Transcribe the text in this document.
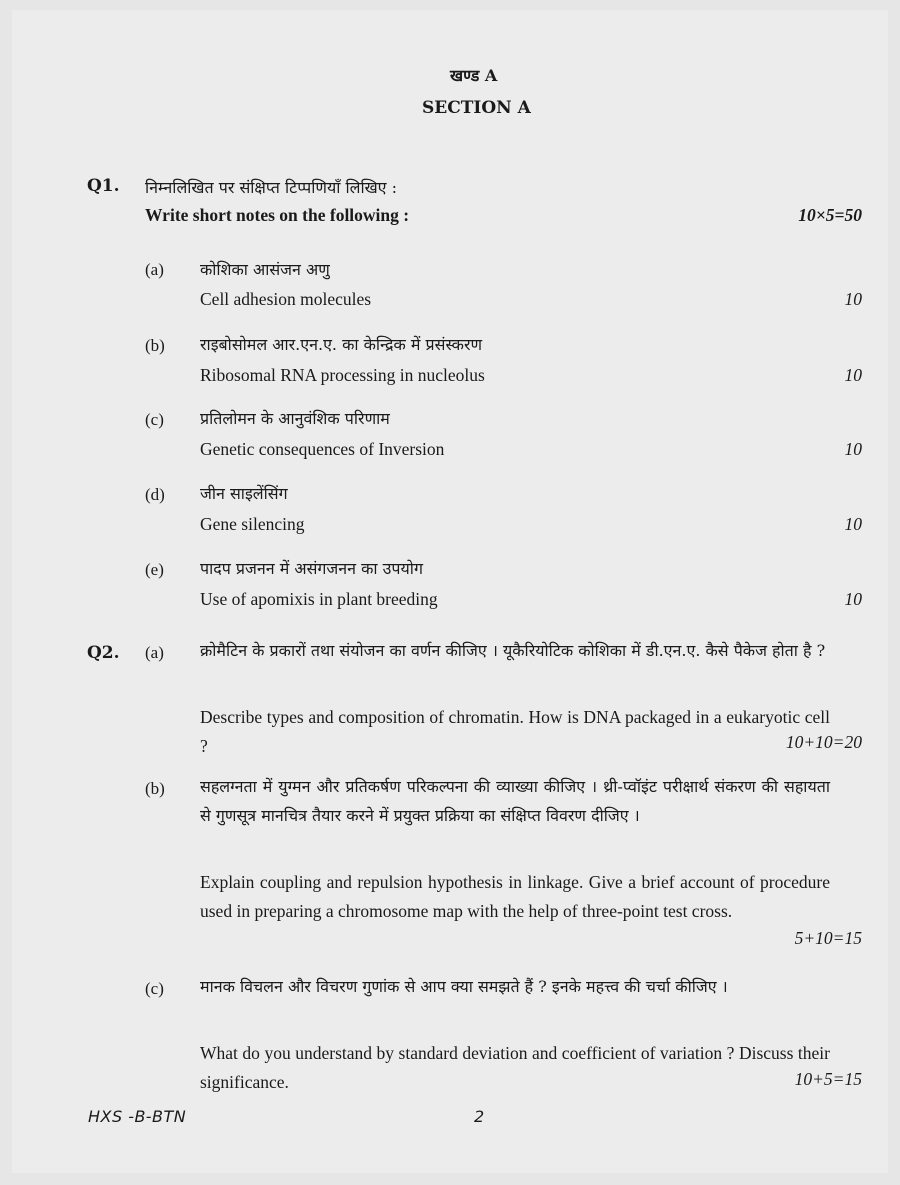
खण्ड A
SECTION A
Q1. निम्नलिखित पर संक्षिप्त टिप्पणियाँ लिखिए :
Write short notes on the following :	10×5=50
(a) कोशिका आसंजन अणु
Cell adhesion molecules	10
(b) राइबोसोमल आर.एन.ए. का केन्द्रिक में प्रसंस्करण
Ribosomal RNA processing in nucleolus	10
(c) प्रतिलोमन के आनुवंशिक परिणाम
Genetic consequences of Inversion	10
(d) जीन साइलेंसिंग
Gene silencing	10
(e) पादप प्रजनन में असंगजनन का उपयोग
Use of apomixis in plant breeding	10
Q2. (a) क्रोमैटिन के प्रकारों तथा संयोजन का वर्णन कीजिए । यूकैरियोटिक कोशिका में डी.एन.ए. कैसे पैकेज होता है ?
Describe types and composition of chromatin. How is DNA packaged in a eukaryotic cell ?	10+10=20
(b) सहलग्नता में युग्मन और प्रतिकर्षण परिकल्पना की व्याख्या कीजिए । थ्री-प्वॉइंट परीक्षार्थ संकरण की सहायता से गुणसूत्र मानचित्र तैयार करने में प्रयुक्त प्रक्रिया का संक्षिप्त विवरण दीजिए ।
Explain coupling and repulsion hypothesis in linkage. Give a brief account of procedure used in preparing a chromosome map with the help of three-point test cross.
5+10=15
(c) मानक विचलन और विचरण गुणांक से आप क्या समझते हैं ? इनके महत्त्व की चर्चा कीजिए ।
What do you understand by standard deviation and coefficient of variation ? Discuss their significance.	10+5=15
HXS -B-BTN	2
